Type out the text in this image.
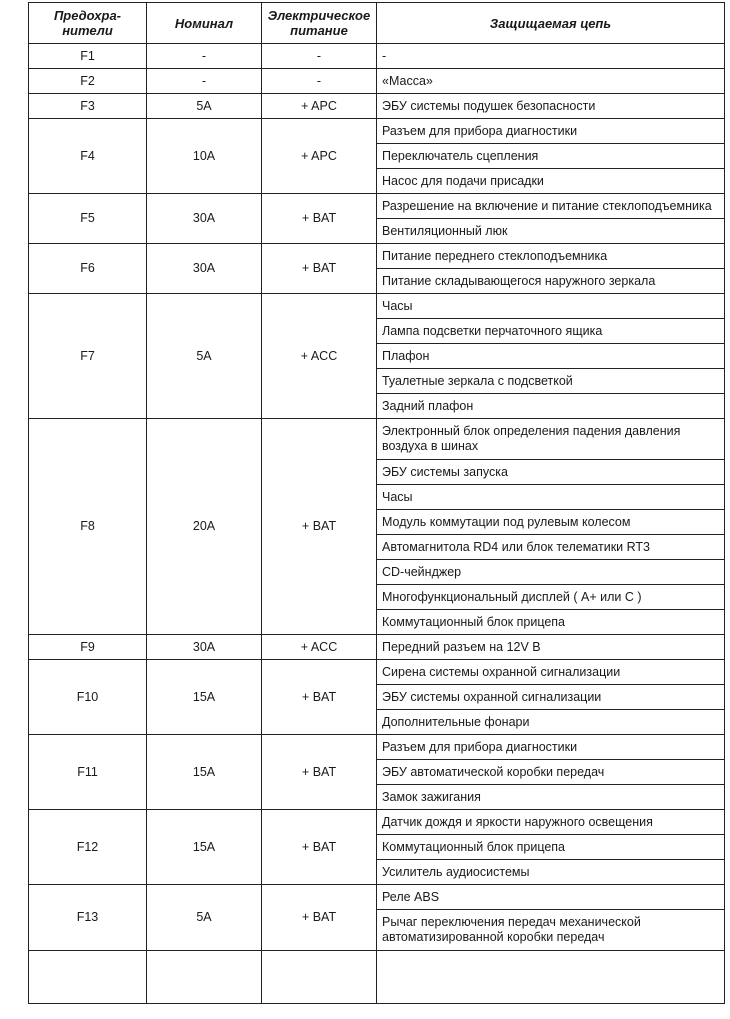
Предохра-нители	Номинал	Электрическое питание	Защищаемая цепь
F1	-	-	-
F2	-	-	«Масса»
F3	5A	+ APC	ЭБУ системы подушек безопасности
F4	10A	+ APC	Разъем для прибора диагностики
			Переключатель сцепления
			Насос для подачи присадки
F5	30A	+ BAT	Разрешение на включение и питание стеклоподъемника
			Вентиляционный люк
F6	30A	+ BAT	Питание переднего стеклоподъемника
			Питание складывающегося наружного зеркала
F7	5A	+ ACC	Часы
			Лампа подсветки перчаточного ящика
			Плафон
			Туалетные зеркала с подсветкой
			Задний плафон
F8	20A	+ BAT	Электронный блок определения падения давления воздуха в шинах
			ЭБУ системы запуска
			Часы
			Модуль коммутации под рулевым колесом
			Автомагнитола RD4 или блок телематики RT3
			CD-чейнджер
			Многофункциональный дисплей ( A+ или C )
			Коммутационный блок прицепа
F9	30A	+ ACC	Передний разъем на 12V B
F10	15A	+ BAT	Сирена системы охранной сигнализации
			ЭБУ системы охранной сигнализации
			Дополнительные фонари
F11	15A	+ BAT	Разъем для прибора диагностики
			ЭБУ автоматической коробки передач
			Замок зажигания
F12	15A	+ BAT	Датчик дождя и яркости наружного освещения
			Коммутационный блок прицепа
			Усилитель аудиосистемы
F13	5A	+ BAT	Реле ABS
			Рычаг переключения передач механической автоматизированной коробки передач
